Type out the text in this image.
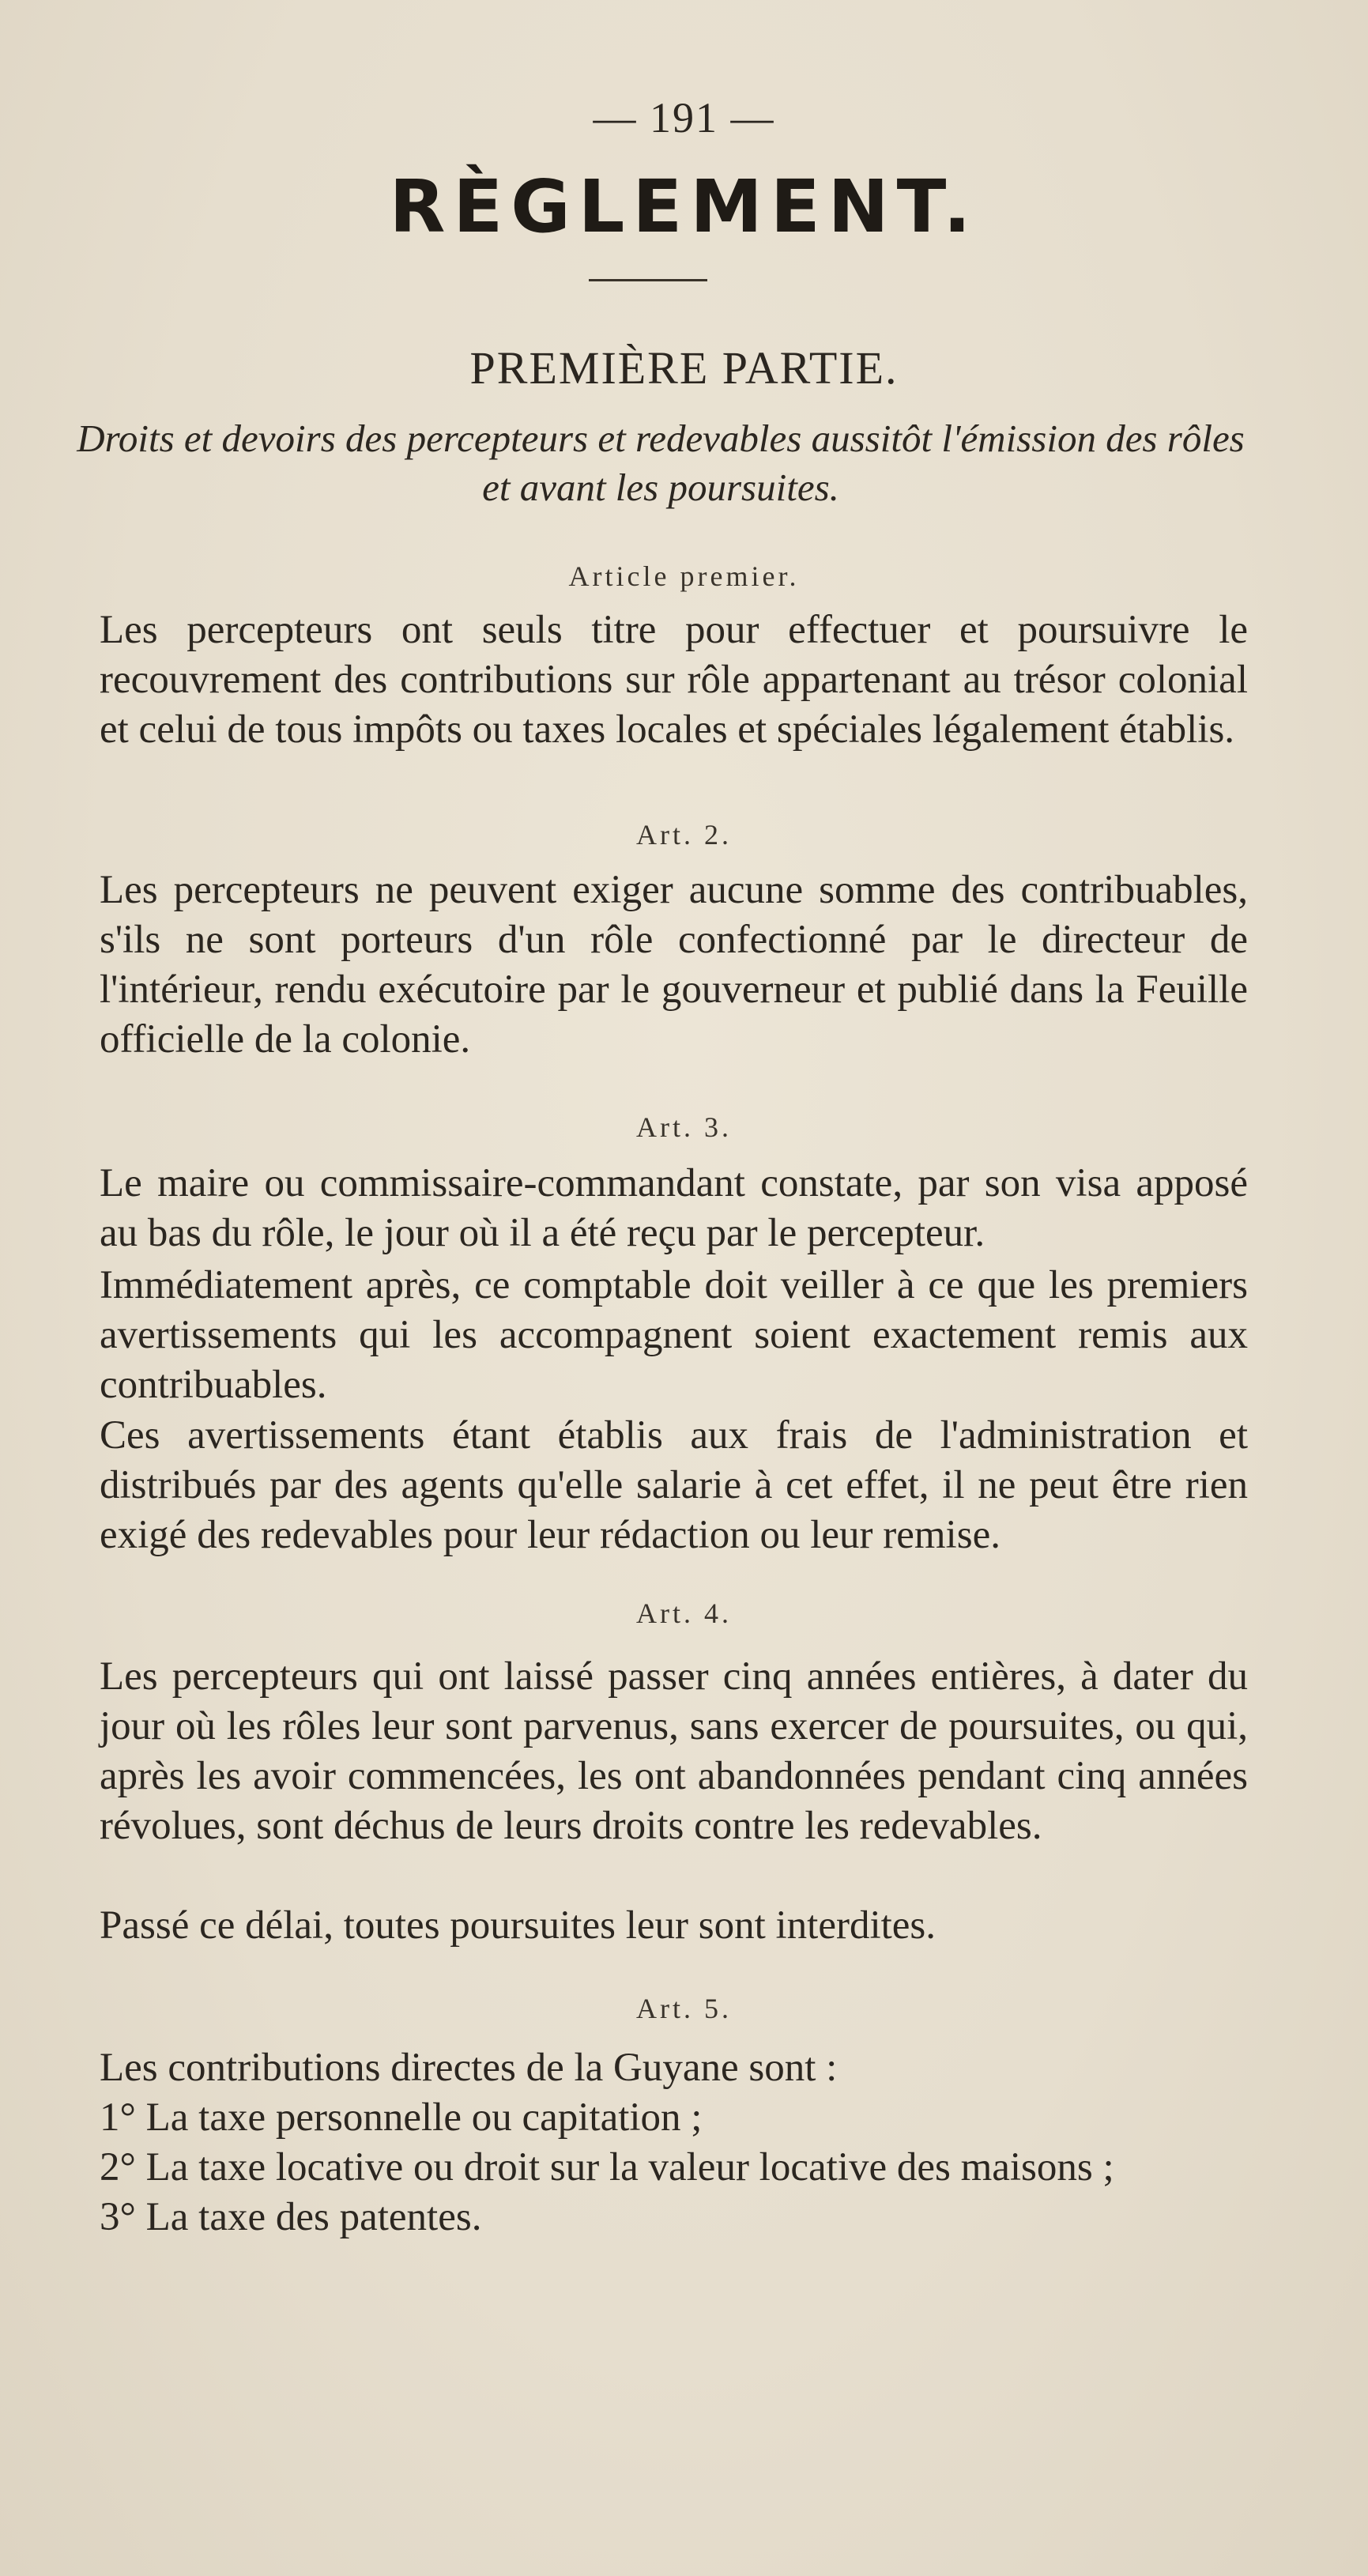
— 191 —
RÈGLEMENT.
PREMIÈRE PARTIE.
Droits et devoirs des percepteurs et redevables aussitôt l'émission des rôles et avant les poursuites.
Article premier.
Les percepteurs ont seuls titre pour effectuer et poursuivre le recouvrement des contributions sur rôle appartenant au trésor colonial et celui de tous impôts ou taxes locales et spéciales légalement établis.
Art. 2.
Les percepteurs ne peuvent exiger aucune somme des contribuables, s'ils ne sont porteurs d'un rôle confectionné par le directeur de l'intérieur, rendu exécutoire par le gouverneur et publié dans la Feuille officielle de la colonie.
Art. 3.
Le maire ou commissaire-commandant constate, par son visa apposé au bas du rôle, le jour où il a été reçu par le percepteur.
Immédiatement après, ce comptable doit veiller à ce que les premiers avertissements qui les accompagnent soient exactement remis aux contribuables.
Ces avertissements étant établis aux frais de l'administration et distribués par des agents qu'elle salarie à cet effet, il ne peut être rien exigé des redevables pour leur rédaction ou leur remise.
Art. 4.
Les percepteurs qui ont laissé passer cinq années entières, à dater du jour où les rôles leur sont parvenus, sans exercer de poursuites, ou qui, après les avoir commencées, les ont abandonnées pendant cinq années révolues, sont déchus de leurs droits contre les redevables.
Passé ce délai, toutes poursuites leur sont interdites.
Art. 5.
Les contributions directes de la Guyane sont :
1° La taxe personnelle ou capitation ;
2° La taxe locative ou droit sur la valeur locative des maisons ;
3° La taxe des patentes.
